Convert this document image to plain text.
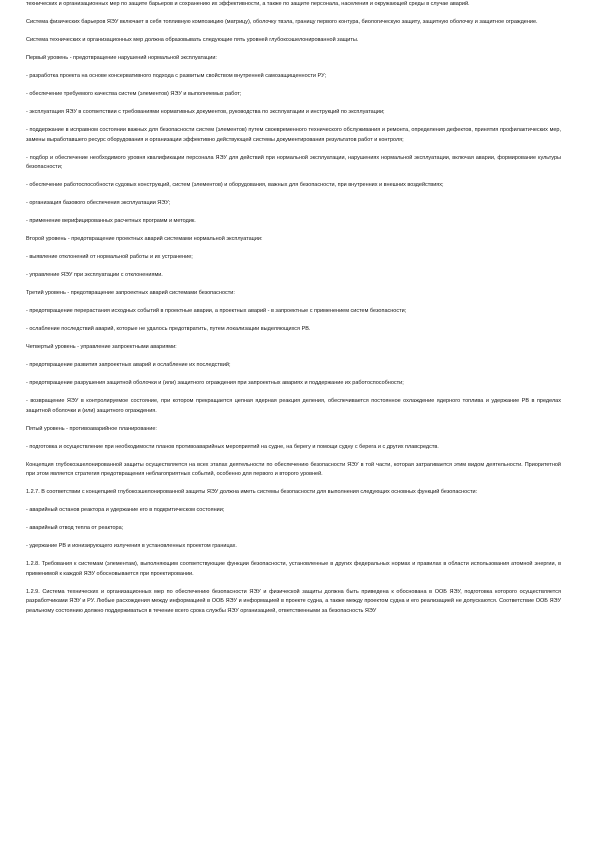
технических и организационных мер по защите барьеров и сохранению их эффективности, а также по защите персонала, населения и окружающей среды в случае аварий.

Система физических барьеров ЯЭУ включает в себя топливную композицию (матрицу), оболочку твэла, границу первого контура, биологическую защиту, защитную оболочку и защитное ограждение.

Система технических и организационных мер должна образовывать следующие пять уровней глубокоэшелонированной защиты.

Первый уровень - предотвращение нарушений нормальной эксплуатации:

- разработка проекта на основе консервативного подхода с развитым свойством внутренней самозащищенности РУ;

- обеспечение требуемого качества систем (элементов) ЯЭУ и выполняемых работ;

- эксплуатация ЯЭУ в соответствии с требованиями нормативных документов, руководства по эксплуатации и инструкций по эксплуатации;

- поддержание в исправном состоянии важных для безопасности систем (элементов) путем своевременного технического обслуживания и ремонта, определения дефектов, принятия профилактических мер, замены выработавшего ресурс оборудования и организации эффективно действующей системы документирования результатов работ и контроля;

- подбор и обеспечение необходимого уровня квалификации персонала ЯЭУ для действий при нормальной эксплуатации, нарушениях нормальной эксплуатации, включая аварии, формирование культуры безопасности;

- обеспечение работоспособности судовых конструкций, систем (элементов) и оборудования, важных для безопасности, при внутренних и внешних воздействиях;

- организация базового обеспечения эксплуатации ЯЭУ;

- применение верифицированных расчетных программ и методик.

Второй уровень - предотвращение проектных аварий системами нормальной эксплуатации:

- выявление отклонений от нормальной работы и их устранение;

- управление ЯЭУ при эксплуатации с отклонениями.

Третий уровень - предотвращение запроектных аварий системами безопасности:

- предотвращение перерастания исходных событий в проектные аварии, а проектных аварий - в запроектные с применением систем безопасности;

- ослабление последствий аварий, которые не удалось предотвратить, путем локализации выделяющихся РВ.

Четвертый уровень - управление запроектными авариями:

- предотвращение развития запроектных аварий и ослабление их последствий;

- предотвращение разрушения защитной оболочки и (или) защитного ограждения при запроектных авариях и поддержание их работоспособности;

- возвращение ЯЭУ в контролируемое состояние, при котором прекращается цепная ядерная реакция деления, обеспечивается постоянное охлаждение ядерного топлива и удержание РВ в пределах защитной оболочки и (или) защитного ограждения.

Пятый уровень - противоаварийное планирование:

- подготовка и осуществление при необходимости планов противоаварийных мероприятий на судне, на берегу и помощи судну с берега и с других плавсредств.

Концепция глубокоэшелонированной защиты осуществляется на всех этапах деятельности по обеспечению безопасности ЯЭУ в той части, которая затрагивается этим видом деятельности. Приоритетной при этом является стратегия предотвращения неблагоприятных событий, особенно для первого и второго уровней.

1.2.7. В соответствии с концепцией глубокоэшелонированной защиты ЯЭУ должна иметь системы безопасности для выполнения следующих основных функций безопасности:

- аварийный останов реактора и удержание его в подкритическом состоянии;

- аварийный отвод тепла от реактора;

- удержание РВ и ионизирующего излучения в установленных проектом границах.

1.2.8. Требования к системам (элементам), выполняющим соответствующие функции безопасности, установленные в других федеральных нормах и правилах в области использования атомной энергии, в применимой к каждой ЯЭУ обосновывается при проектировании.

1.2.9. Система технических и организационных мер по обеспечению безопасности ЯЭУ и физической защиты должна быть приведена к обоснована в ООБ ЯЭУ, подготовка которого осуществляется разработчиками ЯЭУ и РУ. Любые расхождения между информацией в ООБ ЯЭУ и информацией в проекте судна, а также между проектом судна и его реализацией не допускаются. Соответствие ООБ ЯЭУ реальному состоянию должно поддерживаться в течение всего срока службы ЯЭУ организацией, ответственными за безопасность ЯЭУ
